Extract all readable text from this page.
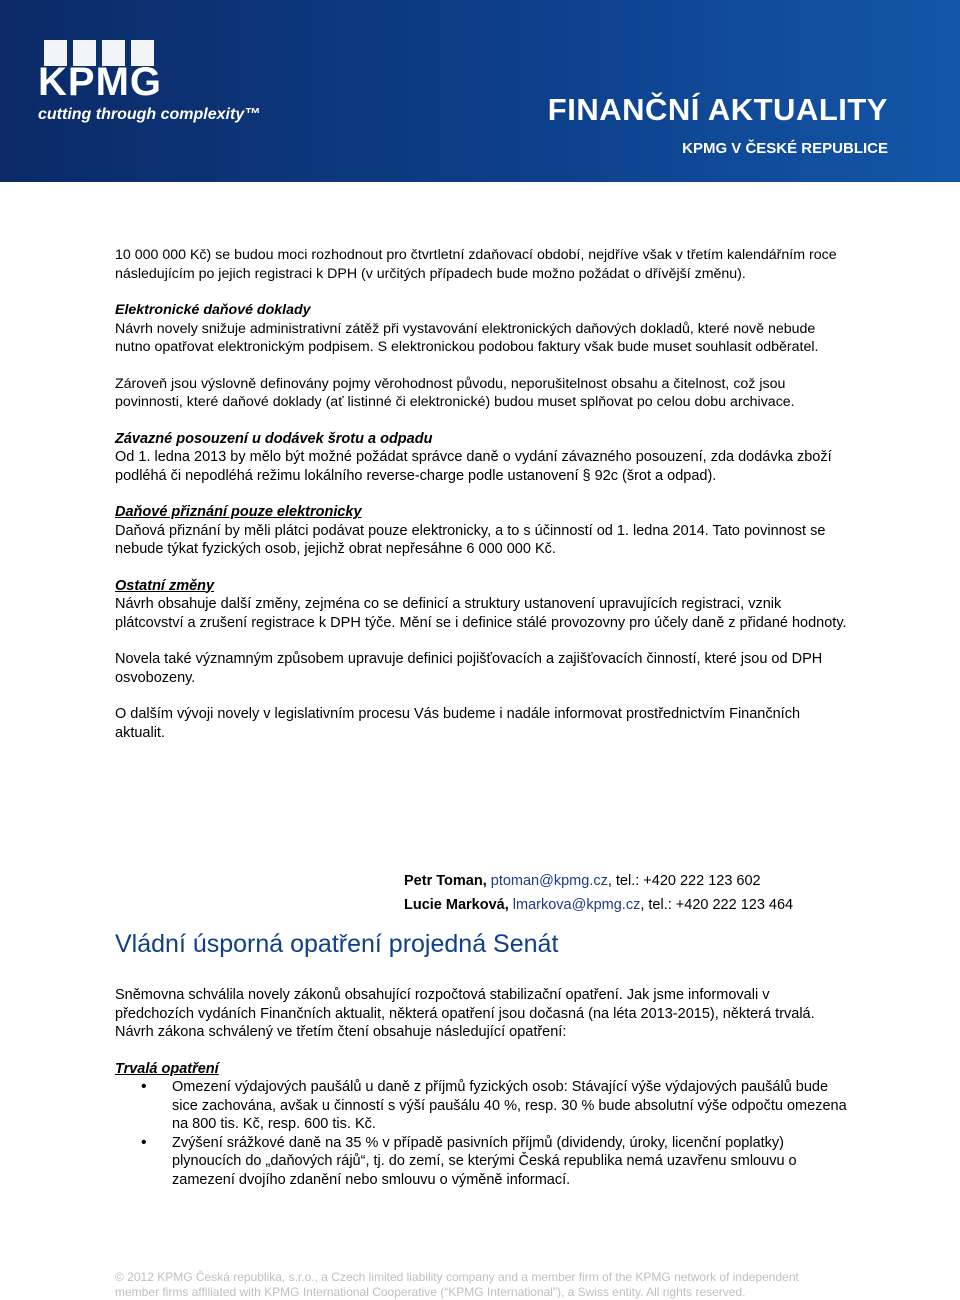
KPMG
cutting through complexity™	FINANČNÍ AKTUALITY
KPMG V ČESKÉ REPUBLICE

10 000 000 Kč) se budou moci rozhodnout pro čtvrtletní zdaňovací období, nejdříve však v třetím kalendářním roce následujícím po jejich registraci k DPH (v určitých případech bude možno požádat o dřívější změnu).

Elektronické daňové doklady

Návrh novely snižuje administrativní zátěž při vystavování elektronických daňových dokladů, které nově nebude nutno opatřovat elektronickým podpisem. S elektronickou podobou faktury však bude muset souhlasit odběratel.

Zároveň jsou výslovně definovány pojmy věrohodnost původu, neporušitelnost obsahu a čitelnost, což jsou povinnosti, které daňové doklady (ať listinné či elektronické) budou muset splňovat po celou dobu archivace.

Závazné posouzení u dodávek šrotu a odpadu

Od 1. ledna 2013 by mělo být možné požádat správce daně o vydání závazného posouzení, zda dodávka zboží podléhá či nepodléhá režimu lokálního reverse-charge podle ustanovení § 92c (šrot a odpad).

Daňové přiznání pouze elektronicky

Daňová přiznání by měli plátci podávat pouze elektronicky, a to s účinností od 1. ledna 2014. Tato povinnost se nebude týkat fyzických osob, jejichž obrat nepřesáhne 6 000 000 Kč.

Ostatní změny

Návrh obsahuje další změny, zejména co se definicí a struktury ustanovení upravujících registraci, vznik plátcovství a zrušení registrace k DPH týče. Mění se i definice stálé provozovny pro účely daně z přidané hodnoty.

Novela také významným způsobem upravuje definici pojišťovacích a zajišťovacích činností, které jsou od DPH osvobozeny.

O dalším vývoji novely v legislativním procesu Vás budeme i nadále informovat prostřednictvím Finančních aktualit.

Petr Toman, ptoman@kpmg.cz, tel.: +420 222 123 602
Lucie Marková, lmarkova@kpmg.cz, tel.: +420 222 123 464
Vládní úsporná opatření projedná Senát

Sněmovna schválila novely zákonů obsahující rozpočtová stabilizační opatření. Jak jsme informovali v předchozích vydáních Finančních aktualit, některá opatření jsou dočasná (na léta 2013-2015), některá trvalá. Návrh zákona schválený ve třetím čtení obsahuje následující opatření:

Trvalá opatření

• Omezení výdajových paušálů u daně z příjmů fyzických osob: Stávající výše výdajových paušálů bude sice zachována, avšak u činností s výší paušálu 40 %, resp. 30 % bude absolutní výše odpočtu omezena na 800 tis. Kč, resp. 600 tis. Kč.
• Zvýšení srážkové daně na 35 % v případě pasivních příjmů (dividendy, úroky, licenční poplatky) plynoucích do „daňových rájů“, tj. do zemí, se kterými Česká republika nemá uzavřenu smlouvu o zamezení dvojího zdanění nebo smlouvu o výměně informací.
© 2012 KPMG Česká republika, s.r.o., a Czech limited liability company and a member firm of the KPMG network of independent
member firms affiliated with KPMG International Cooperative (“KPMG International”), a Swiss entity. All rights reserved.
